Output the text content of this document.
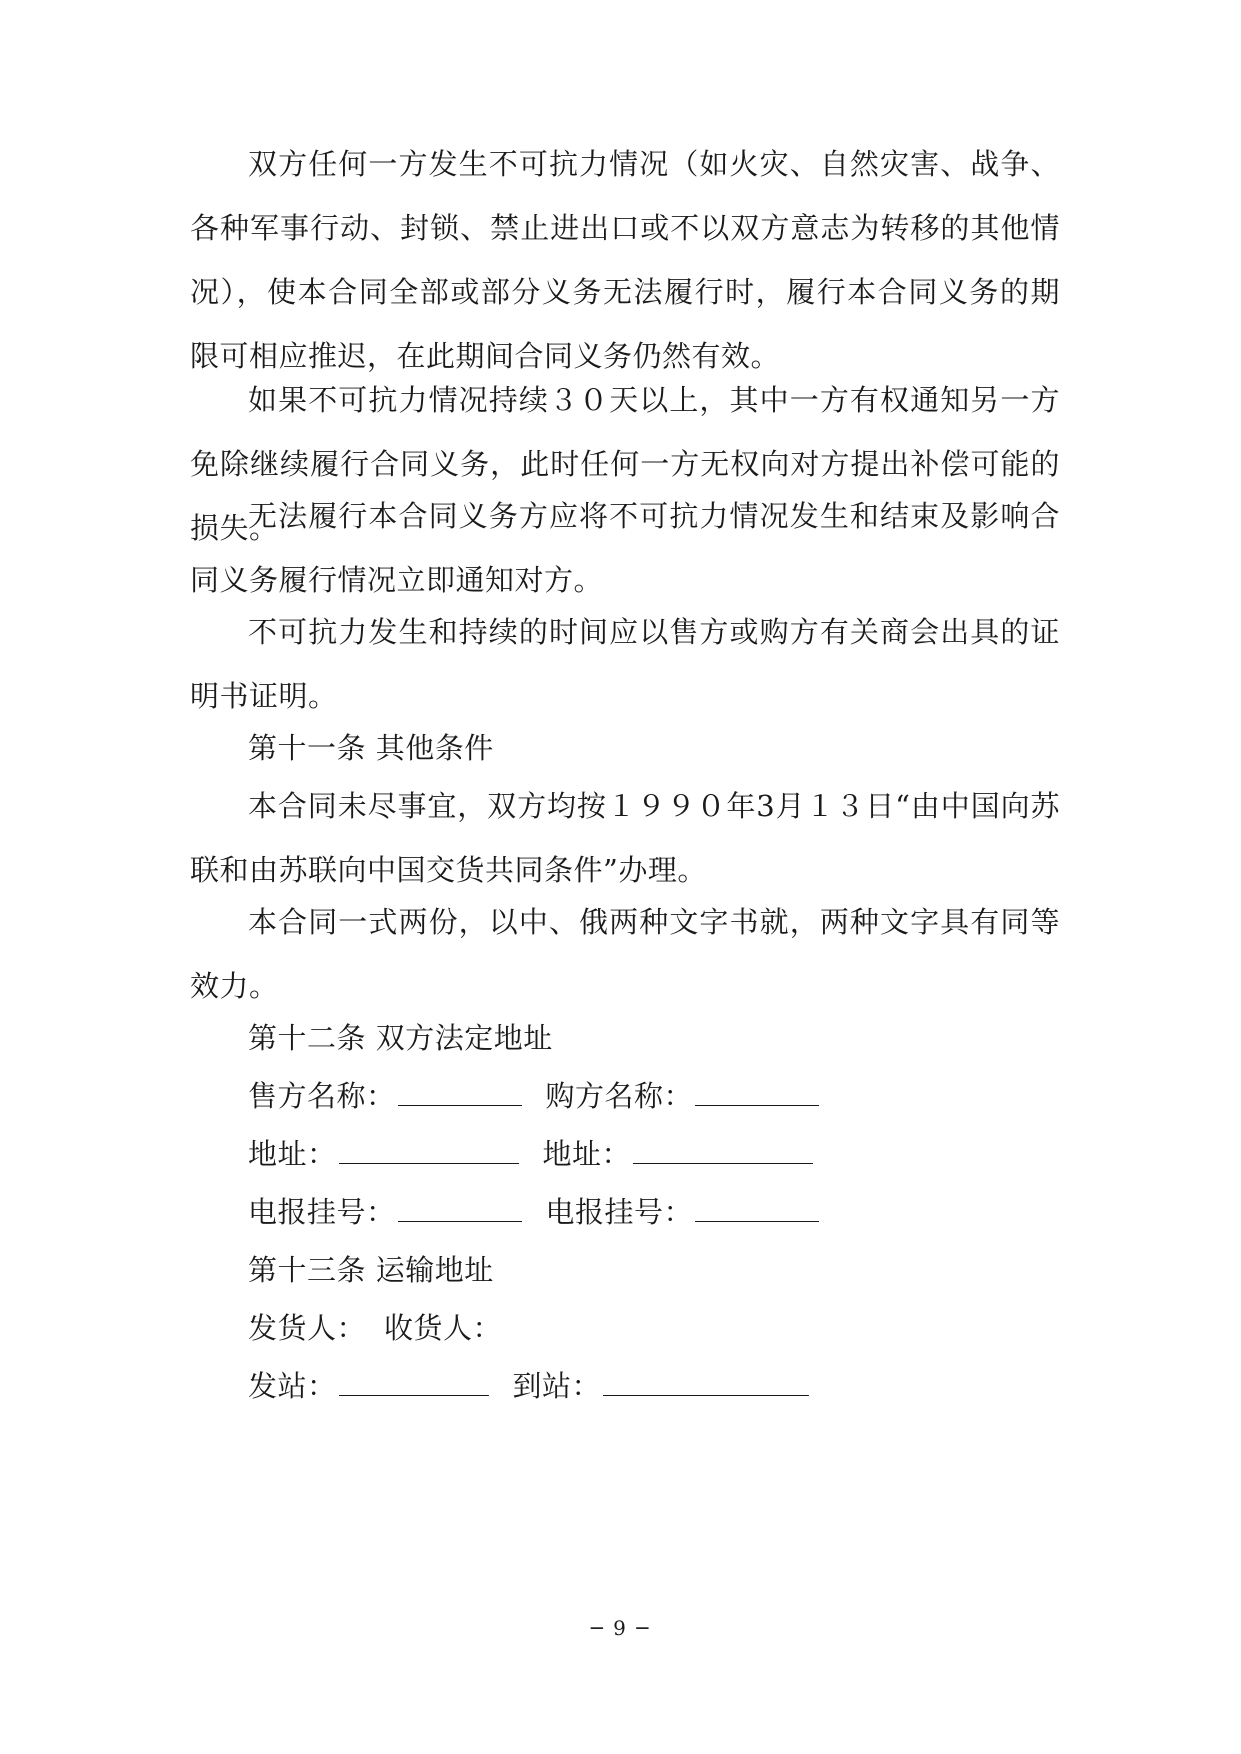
双方任何一方发生不可抗力情况（如火灾、自然灾害、战争、各种军事行动、封锁、禁止进出口或不以双方意志为转移的其他情况），使本合同全部或部分义务无法履行时，履行本合同义务的期限可相应推迟，在此期间合同义务仍然有效。

如果不可抗力情况持续３０天以上，其中一方有权通知另一方免除继续履行合同义务，此时任何一方无权向对方提出补偿可能的损失。

无法履行本合同义务方应将不可抗力情况发生和结束及影响合同义务履行情况立即通知对方。

不可抗力发生和持续的时间应以售方或购方有关商会出具的证明书证明。

第十一条 其他条件

本合同未尽事宜，双方均按１９９０年3月１３日“由中国向苏联和由苏联向中国交货共同条件”办理。

本合同一式两份，以中、俄两种文字书就，两种文字具有同等效力。

第十二条 双方法定地址

售方名称：	购方名称：
地址：	地址：
电报挂号：	电报挂号：
第十三条 运输地址
发货人： 收货人：
发站：	到站：
─ 9 ─
